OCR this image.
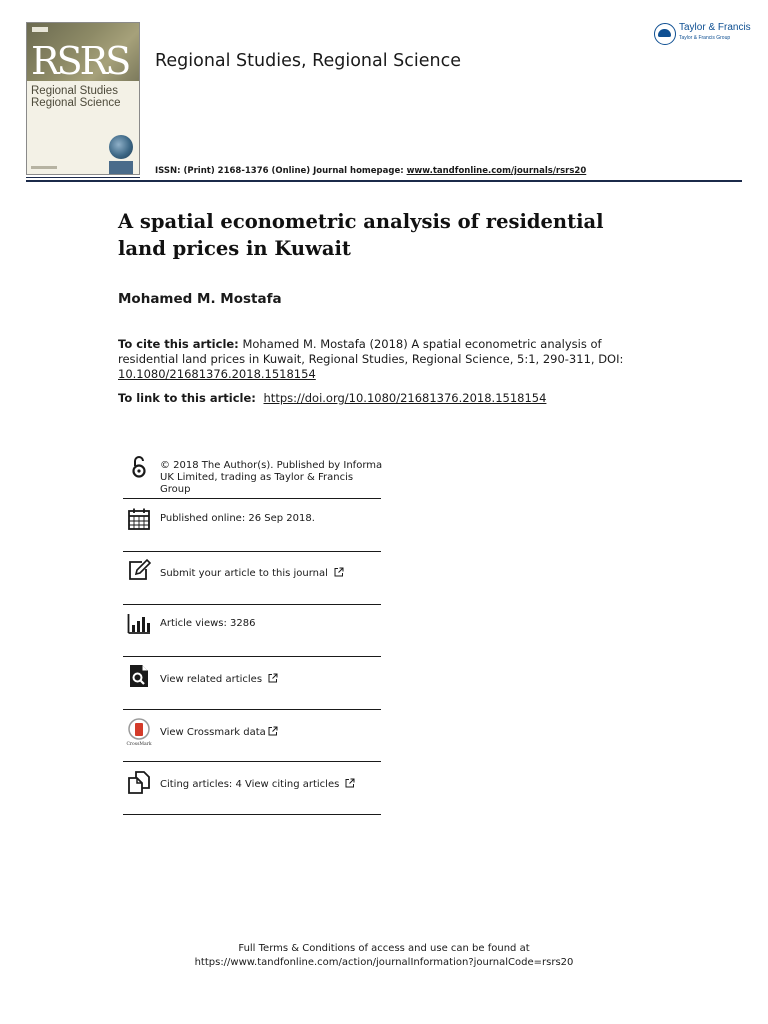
RSRS
Regional Studies
Regional Science
Regional Studies, Regional Science
Taylor & Francis
Taylor & Francis Group
ISSN: (Print) 2168-1376 (Online) Journal homepage: www.tandfonline.com/journals/rsrs20
A spatial econometric analysis of residential land prices in Kuwait
Mohamed M. Mostafa
To cite this article: Mohamed M. Mostafa (2018) A spatial econometric analysis of residential land prices in Kuwait, Regional Studies, Regional Science, 5:1, 290-311, DOI: 10.1080/21681376.2018.1518154
To link to this article:  https://doi.org/10.1080/21681376.2018.1518154
© 2018 The Author(s). Published by Informa UK Limited, trading as Taylor & Francis Group
Published online: 26 Sep 2018.
Submit your article to this journal
Article views: 3286
View related articles
CrossMark
View Crossmark data
Citing articles: 4 View citing articles
Full Terms & Conditions of access and use can be found at
https://www.tandfonline.com/action/journalInformation?journalCode=rsrs20
